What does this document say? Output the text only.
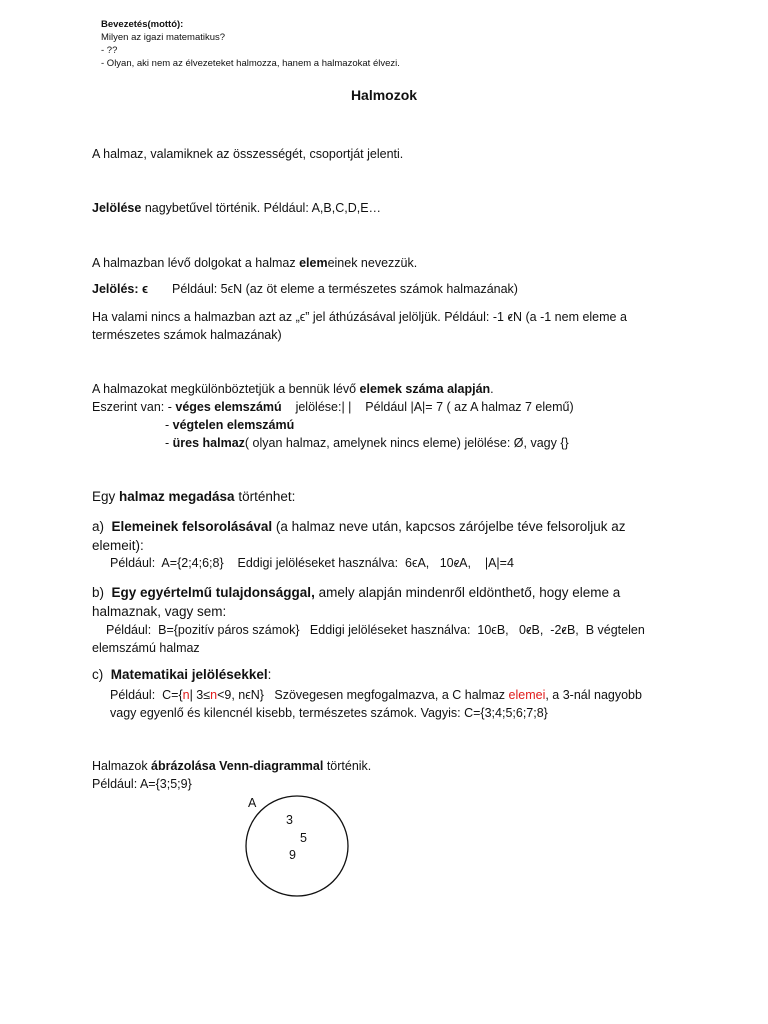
Bevezetés(mottó):
Milyen az igazi matematikus?
- ??
- Olyan, aki nem az élvezeteket halmozza, hanem a halmazokat élvezi.
Halmozok
A halmaz, valamiknek az összességét, csoportját jelenti.
Jelölése nagybetűvel történik. Például: A,B,C,D,E…
A halmazban lévő dolgokat a halmaz elemeinek nevezzük.
Jelölés: ϵ Például: 5ϵN (az öt eleme a természetes számok halmazának)
Ha valami nincs a halmazban azt az „ϵ” jel áthúzásával jelöljük. Például: -1 ϵN (a -1 nem eleme a
természetes számok halmazának)
A halmazokat megkülönböztetjük a bennük lévő elemek száma alapján.
Eszerint van: - véges elemszámú    jelölése:| |    Például |A|= 7 ( az A halmaz 7 elemű)
- végtelen elemszámú
- üres halmaz( olyan halmaz, amelynek nincs eleme) jelölése: Ø, vagy {}
Egy halmaz megadása történhet:
a)  Elemeinek felsorolásával (a halmaz neve után, kapcsos zárójelbe téve felsoroljuk az
elemeit):
Például:  A={2;4;6;8}    Eddigi jelöléseket használva:  6ϵA,   10ϵA,    |A|=4
b)  Egy egyértelmű tulajdonsággal, amely alapján mindenről eldönthető, hogy eleme a
halmaznak, vagy sem:
Például:  B={pozitív páros számok}   Eddigi jelöléseket használva:  10ϵB,   0ϵB,  -2ϵB,  B végtelen
elemszámú halmaz
c)  Matematikai jelölésekkel:
Például:  C={n| 3≤n<9, nϵN}   Szövegesen megfogalmazva, a C halmaz elemei, a 3-nál nagyobb
vagy egyenlő és kilencnél kisebb, természetes számok. Vagyis: C={3;4;5;6;7;8}
Halmazok ábrázolása Venn-diagrammal történik.
Például: A={3;5;9}
A
3
5
9
